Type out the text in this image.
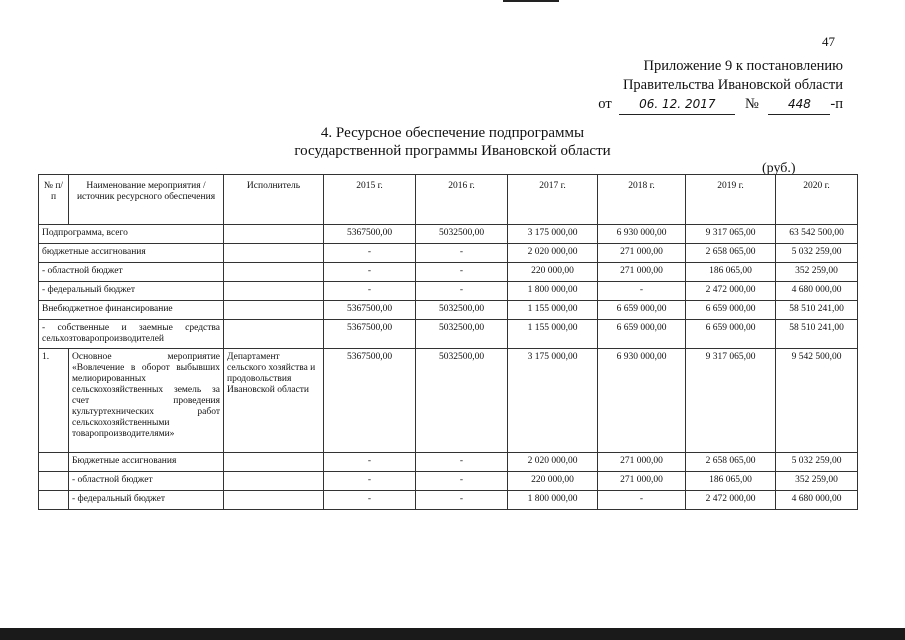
47
Приложение 9 к постановлению
Правительства Ивановской области
от 06. 12. 2017 № 448 -п
4. Ресурсное обеспечение подпрограммы
государственной программы Ивановской области
(руб.)
№ п/п	Наименование мероприятия / источник ресурсного обеспечения	Исполнитель	2015 г.	2016 г.	2017 г.	2018 г.	2019 г.	2020 г.
Подпрограмма, всего			5367500,00	5032500,00	3 175 000,00	6 930 000,00	9 317 065,00	63 542 500,00
бюджетные ассигнования			-	-	2 020 000,00	271 000,00	2 658 065,00	5 032 259,00
- областной бюджет			-	-	220 000,00	271 000,00	186 065,00	352 259,00
- федеральный бюджет			-	-	1 800 000,00	-	2 472 000,00	4 680 000,00
Внебюджетное финансирование			5367500,00	5032500,00	1 155 000,00	6 659 000,00	6 659 000,00	58 510 241,00
- собственные и заемные средства сельхозтоваропроизводителей			5367500,00	5032500,00	1 155 000,00	6 659 000,00	6 659 000,00	58 510 241,00
1.	Основное мероприятие «Вовлечение в оборот выбывших мелиорированных сельскохозяйственных земель за счет проведения культуртехнических работ сельскохозяйственными товаропроизводителями»	Департамент сельского хозяйства и продовольствия Ивановской области	5367500,00	5032500,00	3 175 000,00	6 930 000,00	9 317 065,00	9 542 500,00
	Бюджетные ассигнования		-	-	2 020 000,00	271 000,00	2 658 065,00	5 032 259,00
	- областной бюджет		-	-	220 000,00	271 000,00	186 065,00	352 259,00
	- федеральный бюджет		-	-	1 800 000,00	-	2 472 000,00	4 680 000,00
